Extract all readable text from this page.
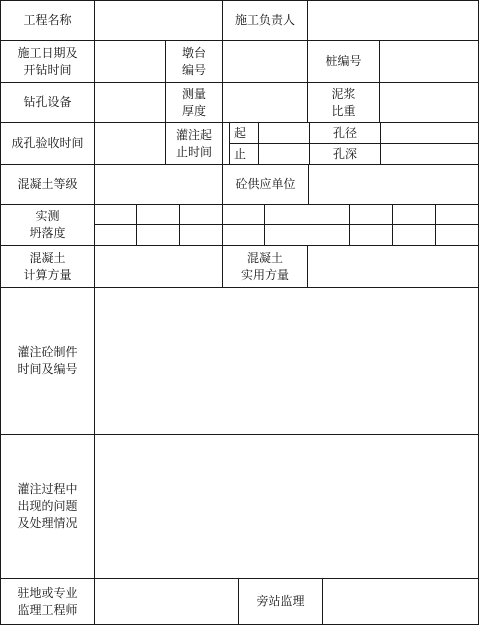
工程名称	施工负责人
施工日期及
开钻时间
墩台
编号
桩编号
钻孔设备
测量
厚度
泥浆
比重
成孔验收时间
灌注起
止时间
起
止
孔径
孔深
混凝土等级	砼供应单位
实测
坍落度
混凝土
计算方量
混凝土
实用方量
灌注砼制件
时间及编号
灌注过程中
出现的问题
及处理情况
驻地或专业
监理工程师
旁站监理
